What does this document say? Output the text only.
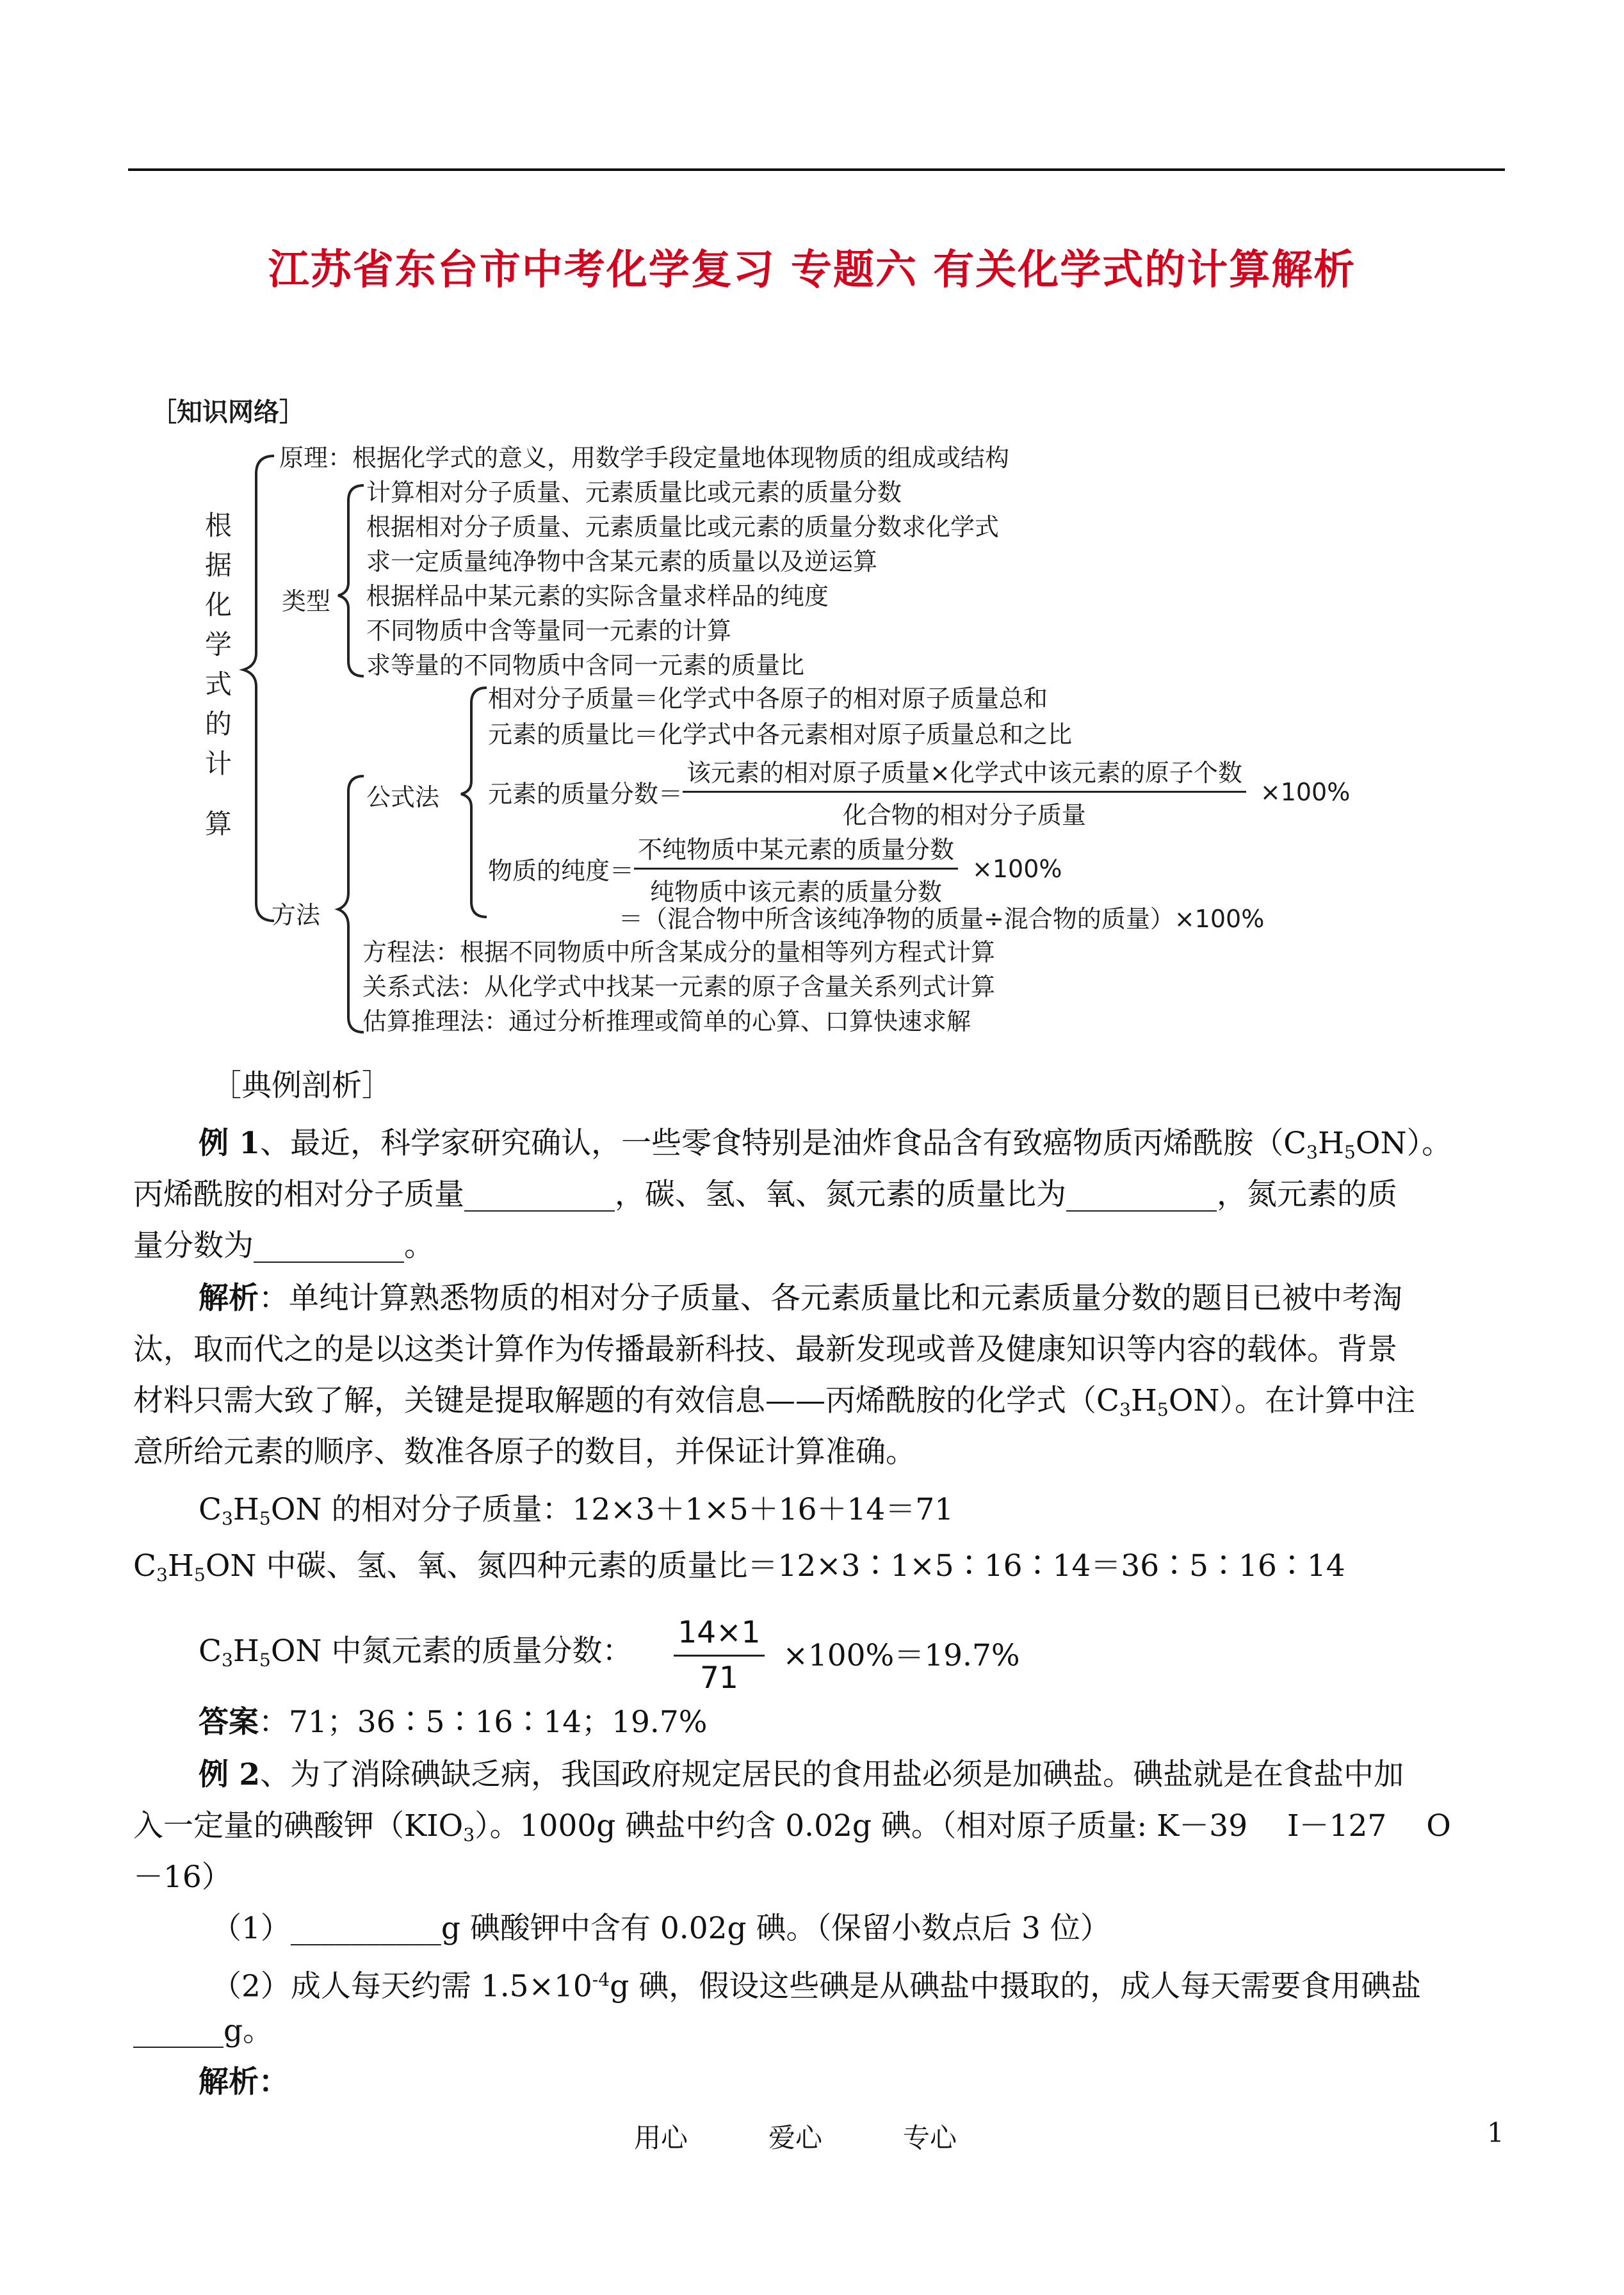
江苏省东台市中考化学复习 专题六 有关化学式的计算解析
［知识网络］
根
据
化
学
式
的
计
算
原理：根据化学式的意义，用数学手段定量地体现物质的组成或结构
类型
计算相对分子质量、元素质量比或元素的质量分数
根据相对分子质量、元素质量比或元素的质量分数求化学式
求一定质量纯净物中含某元素的质量以及逆运算
根据样品中某元素的实际含量求样品的纯度
不同物质中含等量同一元素的计算
求等量的不同物质中含同一元素的质量比
方法
公式法
相对分子质量＝化学式中各原子的相对原子质量总和
元素的质量比＝化学式中各元素相对原子质量总和之比
元素的质量分数＝ $\frac{\text{该元素的相对原子质量×化学式中该元素的原子个数}}{\text{化合物的相对分子质量}} \times 100\%$
物质的纯度＝ $\frac{\text{不纯物质中某元素的质量分数}}{\text{纯物质中该元素的质量分数}} \times 100\%$
＝（混合物中所含该纯净物的质量÷混合物的质量）×100%
方程法：根据不同物质中所含某成分的量相等列方程式计算
关系式法：从化学式中找某一元素的原子含量关系列式计算
估算推理法：通过分析推理或简单的心算、口算快速求解
［典例剖析］
例 1、最近，科学家研究确认，一些零食特别是油炸食品含有致癌物质丙烯酰胺（C3H5ON）。
丙烯酰胺的相对分子质量__________，碳、氢、氧、氮元素的质量比为__________，氮元素的质
量分数为__________。
解析：单纯计算熟悉物质的相对分子质量、各元素质量比和元素质量分数的题目已被中考淘
汰，取而代之的是以这类计算作为传播最新科技、最新发现或普及健康知识等内容的载体。背景
材料只需大致了解，关键是提取解题的有效信息——丙烯酰胺的化学式（C3H5ON）。在计算中注
意所给元素的顺序、数准各原子的数目，并保证计算准确。
C3H5ON 的相对分子质量：12×3＋1×5＋16＋14＝71
C3H5ON 中碳、氢、氧、氮四种元素的质量比＝12×3∶1×5∶16∶14＝36∶5∶16∶14
C3H5ON 中氮元素的质量分数： $\frac{14\times 1}{71} \times 100\%=19.7\%$
答案：71；36∶5∶16∶14；19.7%
例 2、为了消除碘缺乏病，我国政府规定居民的食用盐必须是加碘盐。碘盐就是在食盐中加
入一定量的碘酸钾（KIO3）。1000g 碘盐中约含 0.02g 碘。（相对原子质量: K－39　 I－127　 O
－16）
（1）__________g 碘酸钾中含有 0.02g 碘。（保留小数点后 3 位）
（2）成人每天约需 $1.5\times 10^{-4}g$ 碘，假设这些碘是从碘盐中摄取的，成人每天需要食用碘盐
______g。
解析：
用心　　　爱心　　　专心	1
